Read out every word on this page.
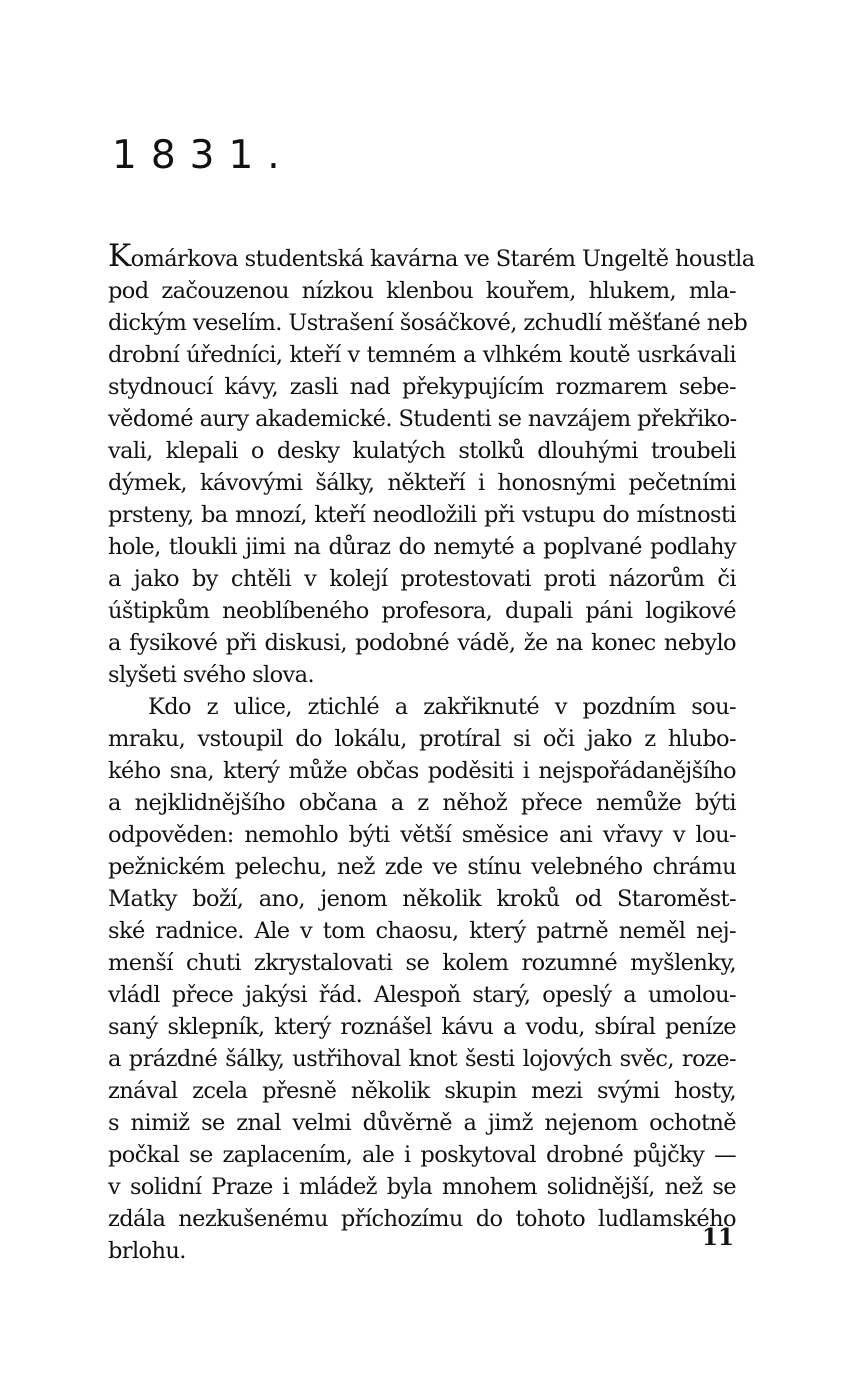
1831.
Komárkova studentská kavárna ve Starém Ungeltě houstla
pod začouzenou nízkou klenbou kouřem, hlukem, mla-
dickým veselím. Ustrašení šosáčkové, zchudlí měšťané neb
drobní úředníci, kteří v temném a vlhkém koutě usrkávali
stydnoucí kávy, zasli nad překypujícím rozmarem sebe-
vědomé aury akademické. Studenti se navzájem překřiko-
vali, klepali o desky kulatých stolků dlouhými troubeli
dýmek, kávovými šálky, někteří i honosnými pečetními
prsteny, ba mnozí, kteří neodložili při vstupu do místnosti
hole, tloukli jimi na důraz do nemyté a poplvané podlahy
a jako by chtěli v kolejí protestovati proti názorům či
úštipkům neoblíbeného profesora, dupali páni logikové
a fysikové při diskusi, podobné vádě, že na konec nebylo
slyšeti svého slova.
Kdo z ulice, ztichlé a zakřiknuté v pozdním sou-
mraku, vstoupil do lokálu, protíral si oči jako z hlubo-
kého sna, který může občas poděsiti i nejspořádanějšího
a nejklidnějšího občana a z něhož přece nemůže býti
odpověden: nemohlo býti větší směsice ani vřavy v lou-
pežnickém pelechu, než zde ve stínu velebného chrámu
Matky boží, ano, jenom několik kroků od Staroměst-
ské radnice. Ale v tom chaosu, který patrně neměl nej-
menší chuti zkrystalovati se kolem rozumné myšlenky,
vládl přece jakýsi řád. Alespoň starý, opeslý a umolou-
saný sklepník, který roznášel kávu a vodu, sbíral peníze
a prázdné šálky, ustřihoval knot šesti lojových svěc, roze-
znával zcela přesně několik skupin mezi svými hosty,
s nimiž se znal velmi důvěrně a jimž nejenom ochotně
počkal se zaplacením, ale i poskytoval drobné půjčky —
v solidní Praze i mládež byla mnohem solidnější, než se
zdála nezkušenému příchozímu do tohoto ludlamského
brlohu.	11
